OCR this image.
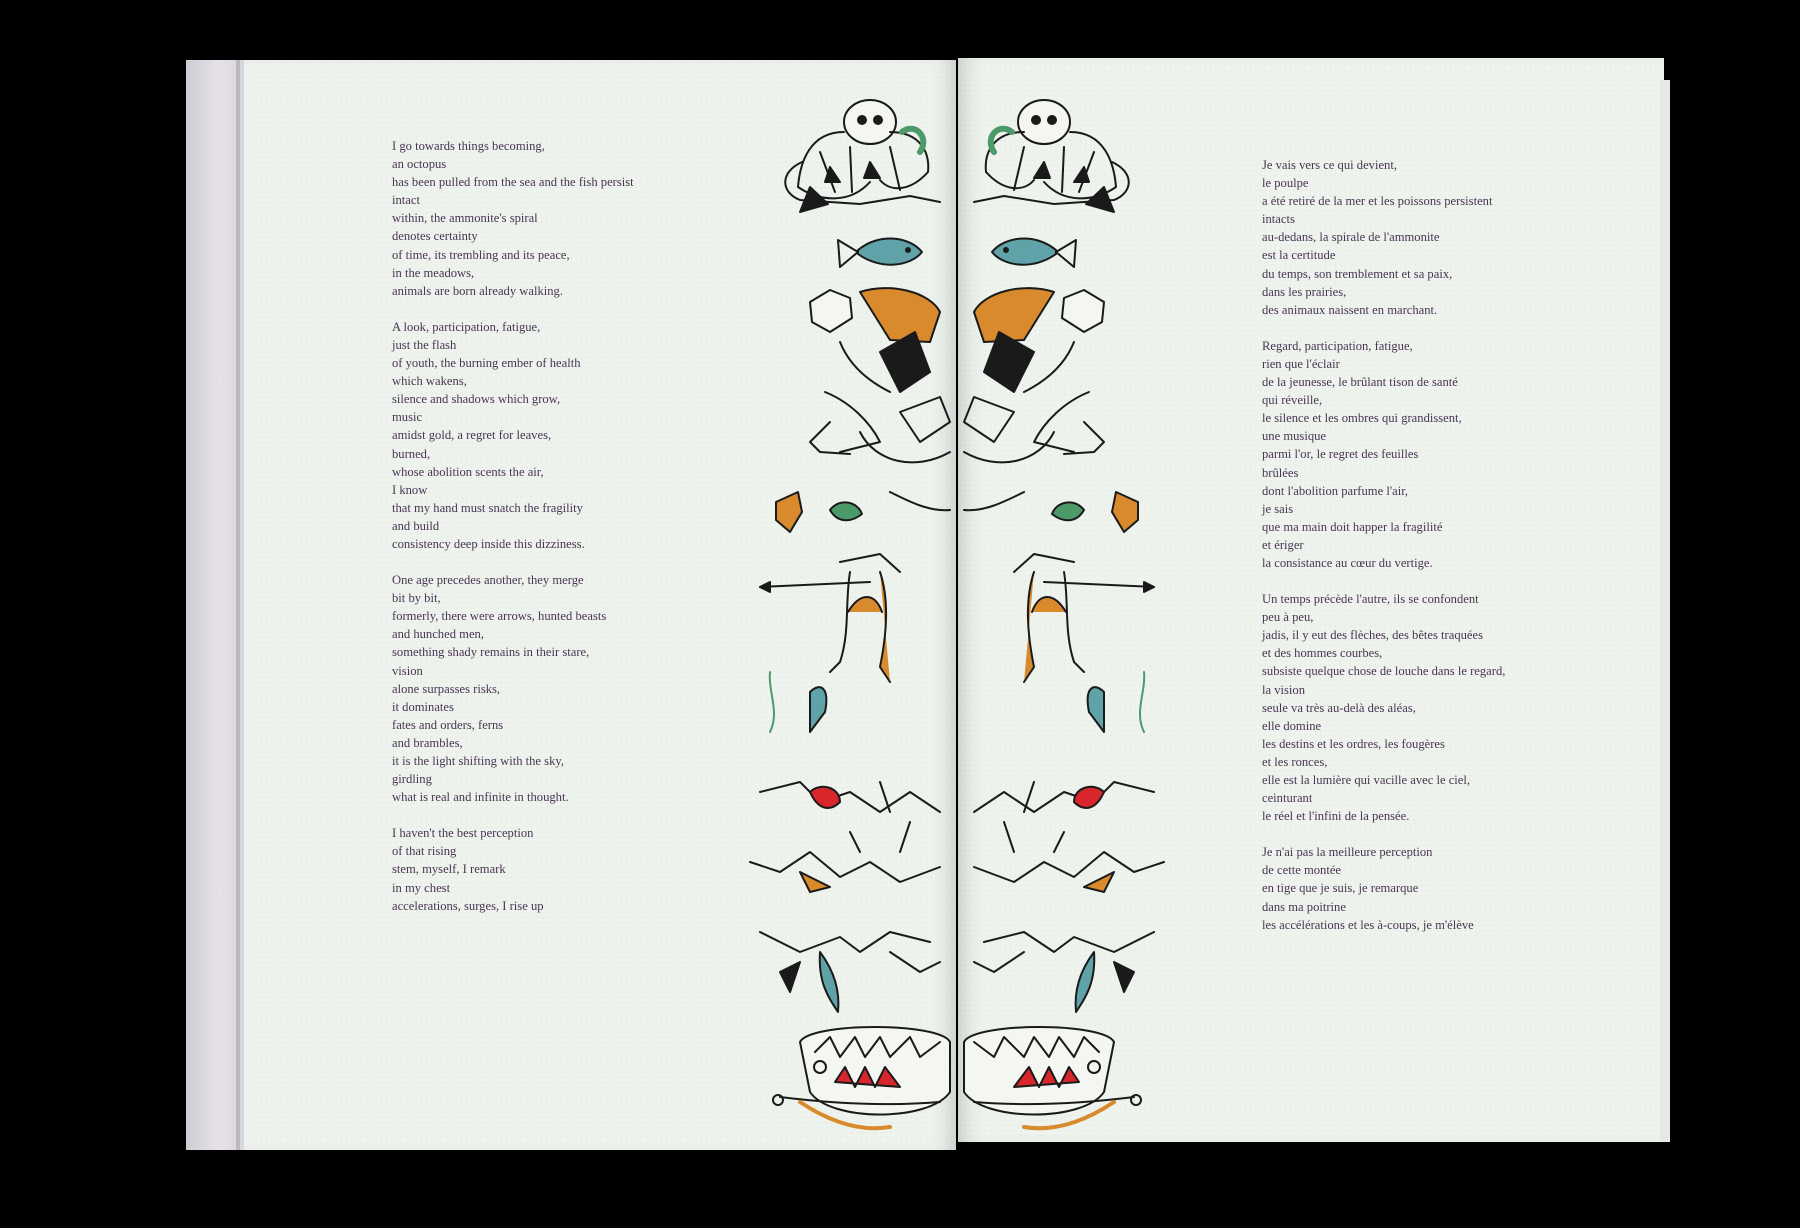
I go towards things becoming,
an octopus
has been pulled from the sea and the fish persist
intact
within, the ammonite's spiral
denotes certainty
of time, its trembling and its peace,
in the meadows,
animals are born already walking.
A look, participation, fatigue,
just the flash
of youth, the burning ember of health
which wakens,
silence and shadows which grow,
music
amidst gold, a regret for leaves,
burned,
whose abolition scents the air,
I know
that my hand must snatch the fragility
and build
consistency deep inside this dizziness.
One age precedes another, they merge
bit by bit,
formerly, there were arrows, hunted beasts
and hunched men,
something shady remains in their stare,
vision
alone surpasses risks,
it dominates
fates and orders, ferns
and brambles,
it is the light shifting with the sky,
girdling
what is real and infinite in thought.
I haven't the best perception
of that rising
stem, myself, I remark
in my chest
accelerations, surges, I rise up
Je vais vers ce qui devient,
le poulpe
a été retiré de la mer et les poissons persistent
intacts
au-dedans, la spirale de l'ammonite
est la certitude
du temps, son tremblement et sa paix,
dans les prairies,
des animaux naissent en marchant.
Regard, participation, fatigue,
rien que l'éclair
de la jeunesse, le brûlant tison de santé
qui réveille,
le silence et les ombres qui grandissent,
une musique
parmi l'or, le regret des feuilles
brûlées
dont l'abolition parfume l'air,
je sais
que ma main doit happer la fragilité
et ériger
la consistance au cœur du vertige.
Un temps précède l'autre, ils se confondent
peu à peu,
jadis, il y eut des flèches, des bêtes traquées
et des hommes courbes,
subsiste quelque chose de louche dans le regard,
la vision
seule va très au-delà des aléas,
elle domine
les destins et les ordres, les fougères
et les ronces,
elle est la lumière qui vacille avec le ciel,
ceinturant
le réel et l'infini de la pensée.
Je n'ai pas la meilleure perception
de cette montée
en tige que je suis, je remarque
dans ma poitrine
les accélérations et les à-coups, je m'élève
